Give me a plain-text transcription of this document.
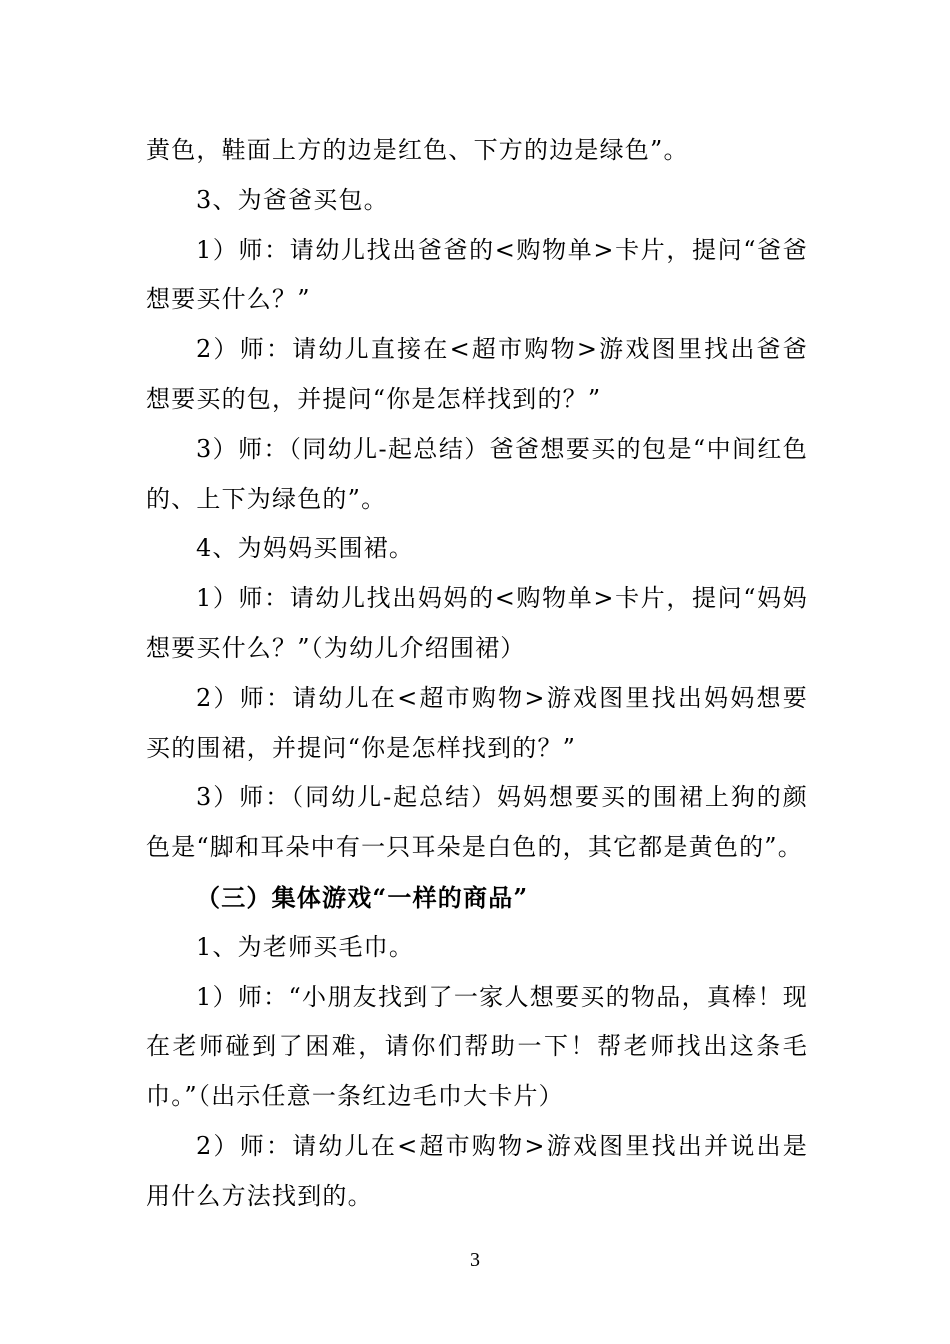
黄色，鞋面上方的边是红色、下方的边是绿色”。

3、为爸爸买包。

1）师：请幼儿找出爸爸的<购物单>卡片，提问“爸爸想要买什么？”

2）师：请幼儿直接在<超市购物>游戏图里找出爸爸想要买的包，并提问“你是怎样找到的？”

3）师：（同幼儿-起总结）爸爸想要买的包是“中间红色的、上下为绿色的”。

4、为妈妈买围裙。

1）师：请幼儿找出妈妈的<购物单>卡片，提问“妈妈想要买什么？”（为幼儿介绍围裙）

2）师：请幼儿在<超市购物>游戏图里找出妈妈想要买的围裙，并提问“你是怎样找到的？”

3）师：（同幼儿-起总结）妈妈想要买的围裙上狗的颜色是“脚和耳朵中有一只耳朵是白色的，其它都是黄色的”。

（三）集体游戏“一样的商品”

1、为老师买毛巾。

1）师：“小朋友找到了一家人想要买的物品，真棒！现在老师碰到了困难，请你们帮助一下！帮老师找出这条毛巾。”（出示任意一条红边毛巾大卡片）

2）师：请幼儿在<超市购物>游戏图里找出并说出是用什么方法找到的。

3
